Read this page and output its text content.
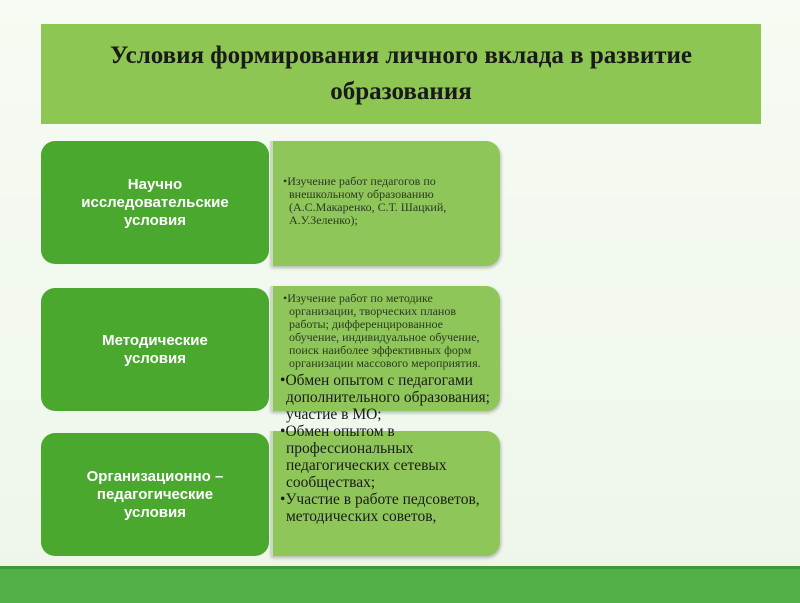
Условия формирования личного вклада в развитие образования
Научно исследовательские условия

•Изучение работ педагогов по внешкольному образованию (А.С.Макаренко, С.Т. Шацкий, А.У.Зеленко);

Методические условия

•Изучение работ по методике организации, творческих планов работы; дифференцированное обучение, индивидуальное обучение, поиск наиболее эффективных форм организации массового мероприятия.

Организационно – педагогические условия

•Обмен опытом с педагогами дополнительного образования; участие в МО;

•Обмен опытом в профессиональных педагогических сетевых сообществах;

•Участие в работе педсоветов, методических советов,
